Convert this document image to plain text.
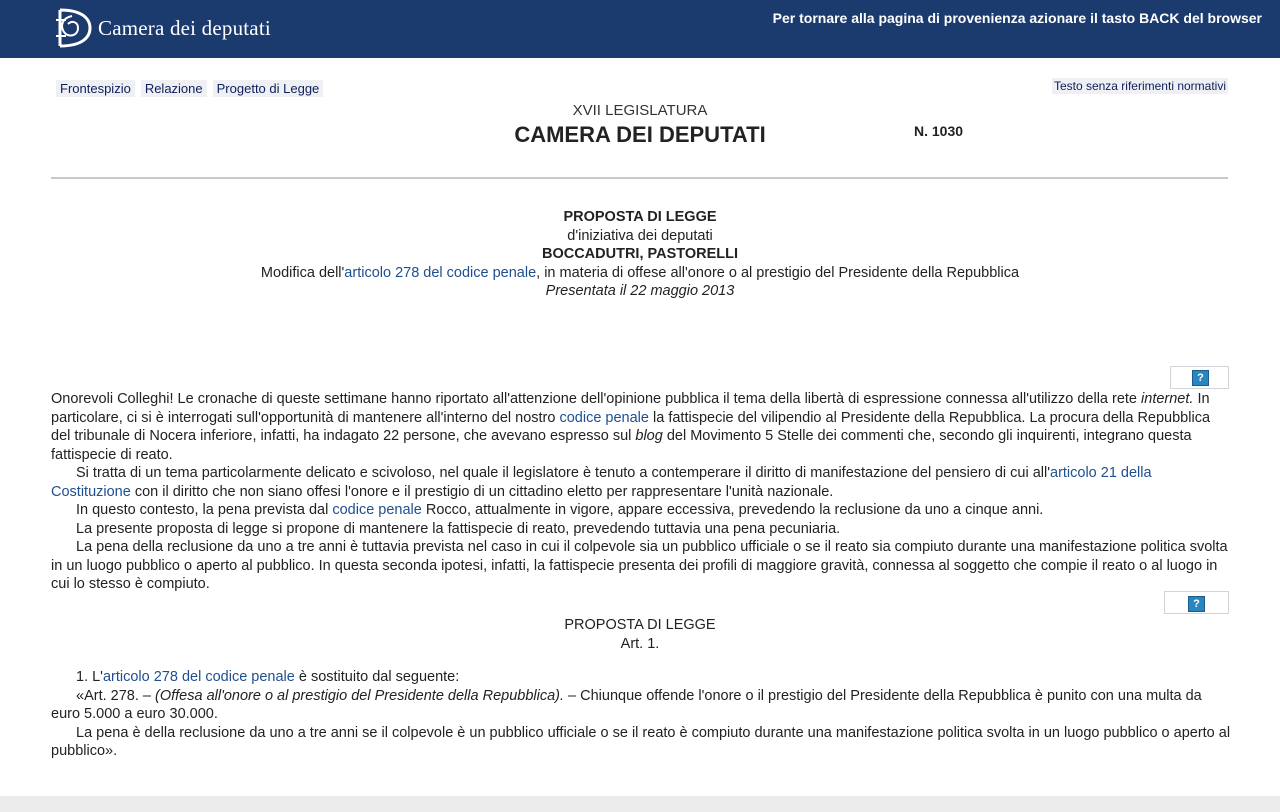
Camera dei deputati	Per tornare alla pagina di provenienza azionare il tasto BACK del browser
Frontespizio	Relazione	Progetto di Legge	Testo senza riferimenti normativi
XVII LEGISLATURA
CAMERA DEI DEPUTATI	N. 1030
PROPOSTA DI LEGGE
d'iniziativa dei deputati
BOCCADUTRI, PASTORELLI
Modifica dell'articolo 278 del codice penale, in materia di offese all'onore o al prestigio del Presidente della Repubblica
Presentata il 22 maggio 2013
?

Onorevoli Colleghi! Le cronache di queste settimane hanno riportato all'attenzione dell'opinione pubblica il tema della libertà di espressione connessa all'utilizzo della rete internet. In particolare, ci si è interrogati sull'opportunità di mantenere all'interno del nostro codice penale la fattispecie del vilipendio al Presidente della Repubblica. La procura della Repubblica del tribunale di Nocera inferiore, infatti, ha indagato 22 persone, che avevano espresso sul blog del Movimento 5 Stelle dei commenti che, secondo gli inquirenti, integrano questa fattispecie di reato.

Si tratta di un tema particolarmente delicato e scivoloso, nel quale il legislatore è tenuto a contemperare il diritto di manifestazione del pensiero di cui all'articolo 21 della Costituzione con il diritto che non siano offesi l'onore e il prestigio di un cittadino eletto per rappresentare l'unità nazionale.

In questo contesto, la pena prevista dal codice penale Rocco, attualmente in vigore, appare eccessiva, prevedendo la reclusione da uno a cinque anni.

La presente proposta di legge si propone di mantenere la fattispecie di reato, prevedendo tuttavia una pena pecuniaria.

La pena della reclusione da uno a tre anni è tuttavia prevista nel caso in cui il colpevole sia un pubblico ufficiale o se il reato sia compiuto durante una manifestazione politica svolta in un luogo pubblico o aperto al pubblico. In questa seconda ipotesi, infatti, la fattispecie presenta dei profili di maggiore gravità, connessa al soggetto che compie il reato o al luogo in cui lo stesso è compiuto.

?
PROPOSTA DI LEGGE
Art. 1.

1. L'articolo 278 del codice penale è sostituito dal seguente:

«Art. 278. – (Offesa all'onore o al prestigio del Presidente della Repubblica). – Chiunque offende l'onore o il prestigio del Presidente della Repubblica è punito con una multa da euro 5.000 a euro 30.000.

La pena è della reclusione da uno a tre anni se il colpevole è un pubblico ufficiale o se il reato è compiuto durante una manifestazione politica svolta in un luogo pubblico o aperto al pubblico».
